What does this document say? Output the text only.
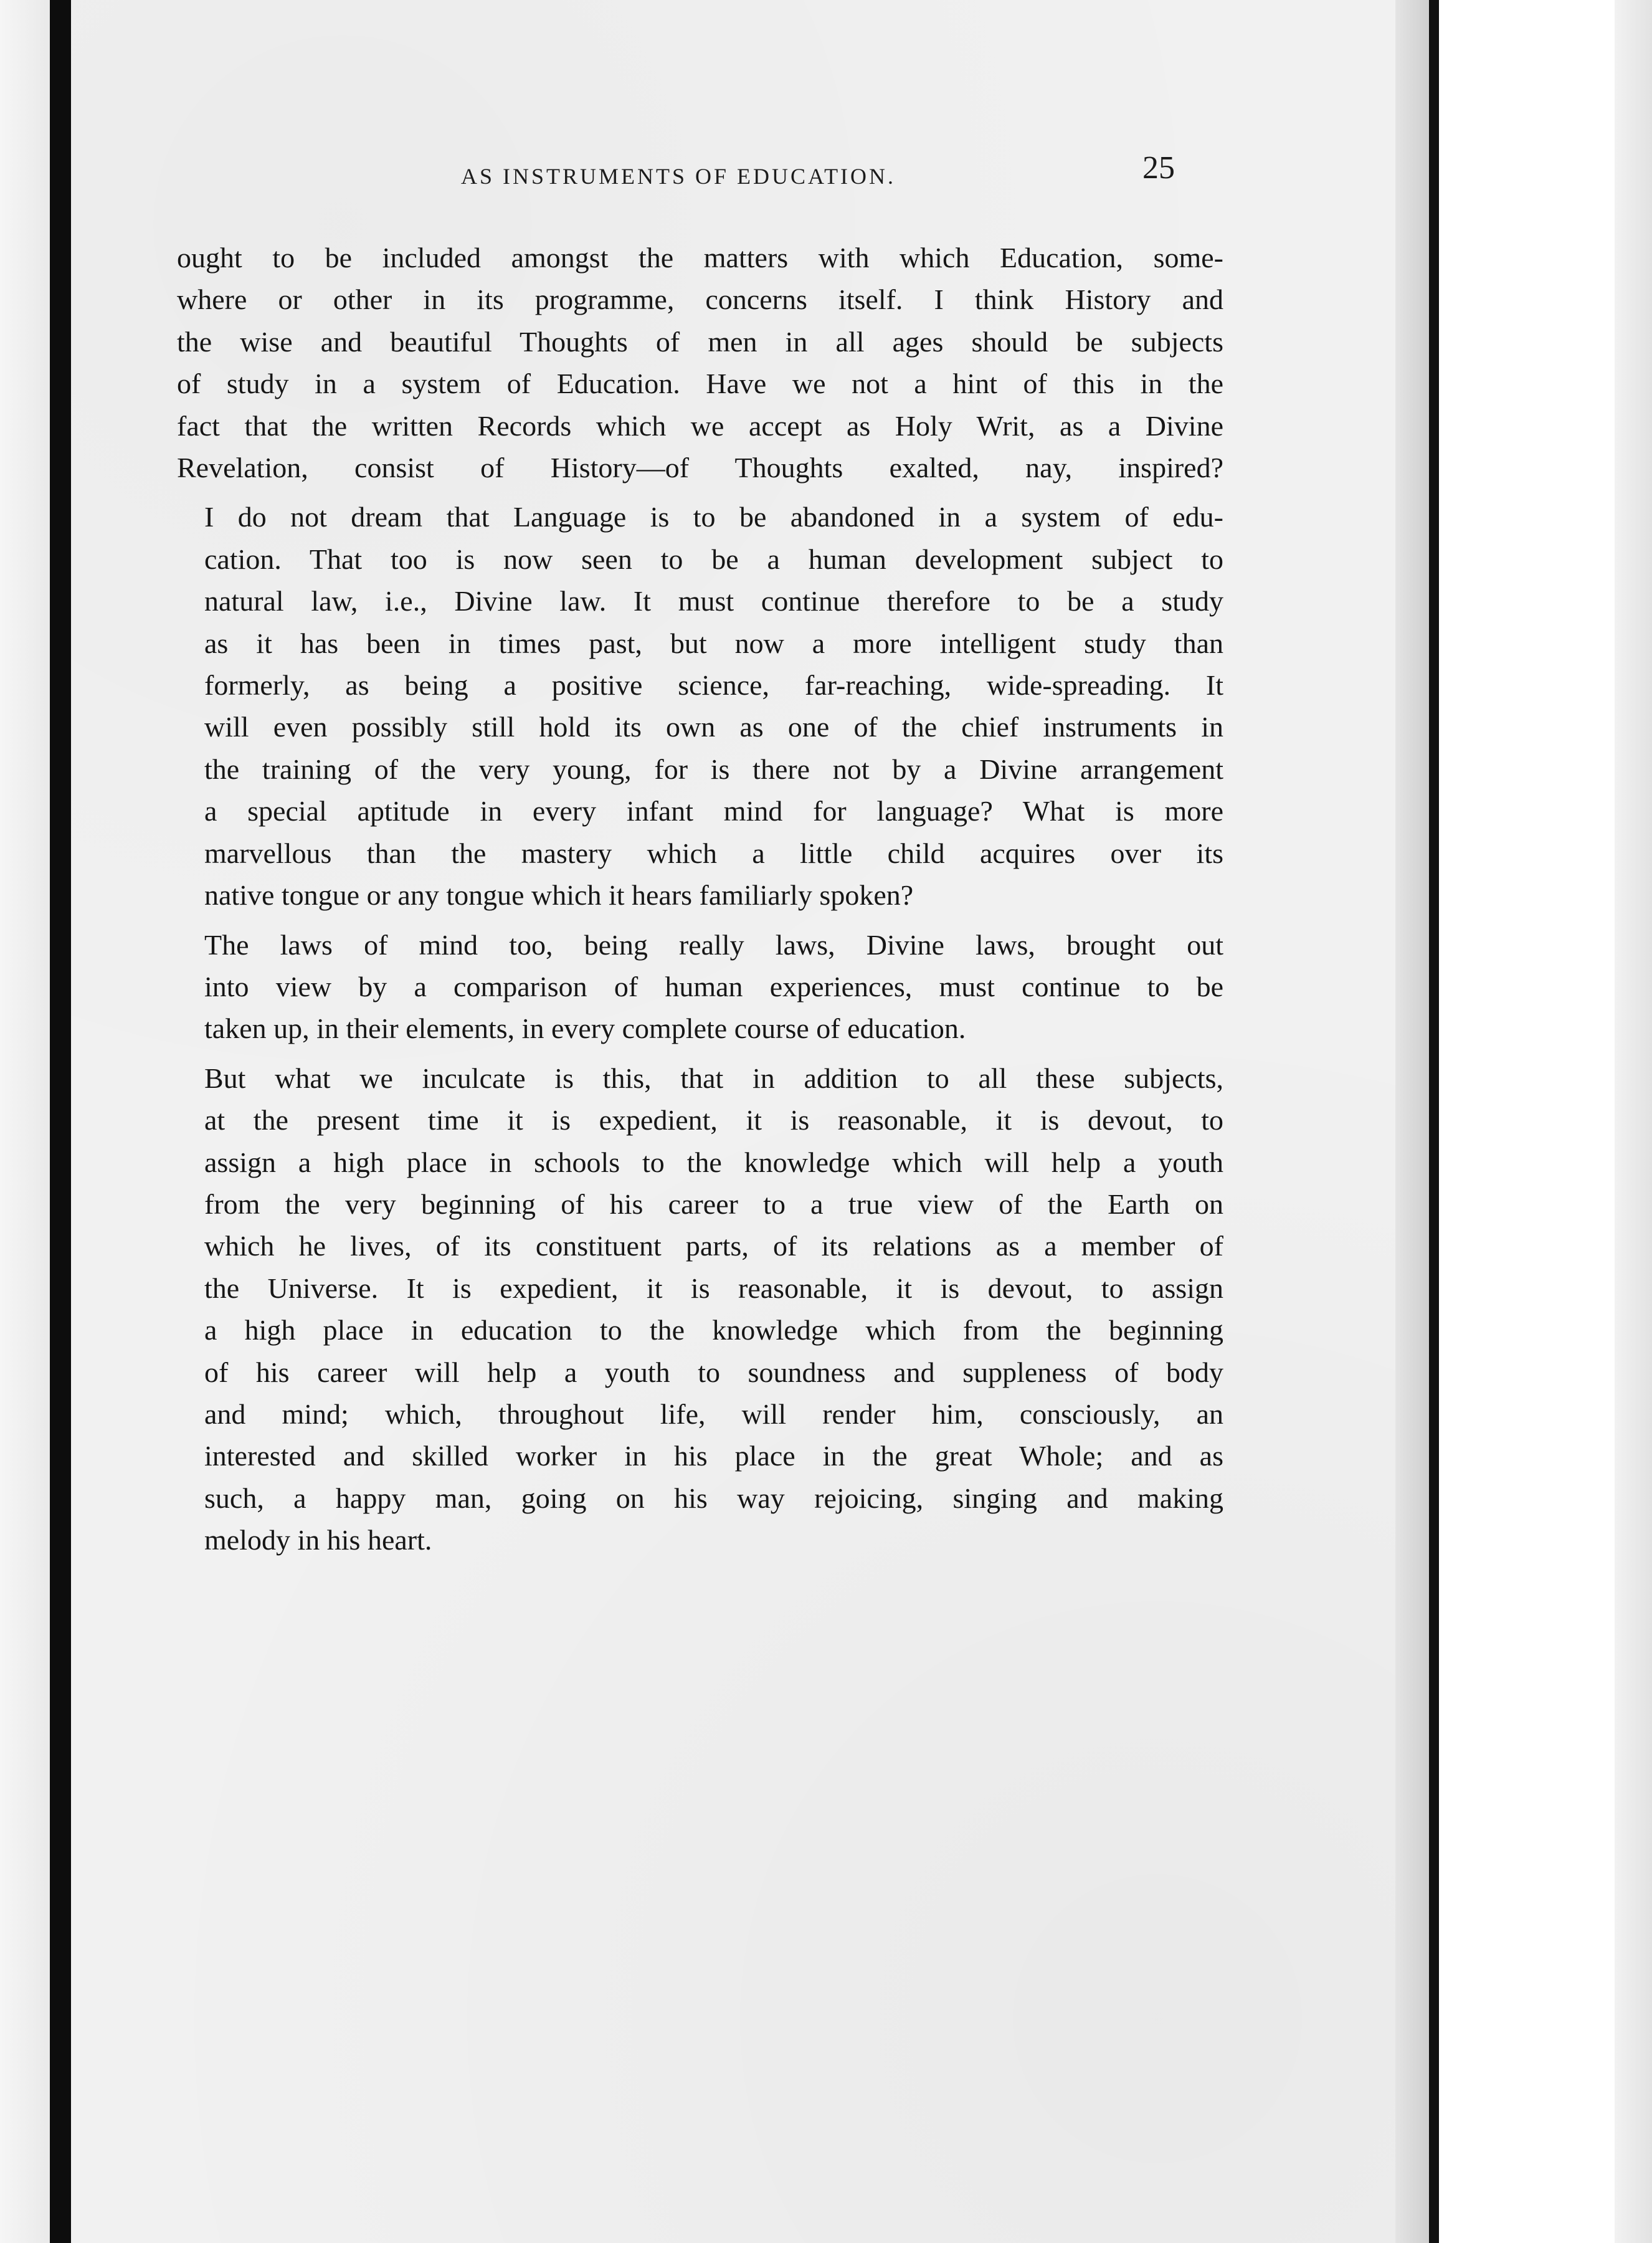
AS INSTRUMENTS OF EDUCATION.	25

ought to be included amongst the matters with which Education, some-
where or other in its programme, concerns itself. I think History and
the wise and beautiful Thoughts of men in all ages should be subjects
of study in a system of Education. Have we not a hint of this in the
fact that the written Records which we accept as Holy Writ, as a Divine
Revelation, consist of History—of Thoughts exalted, nay, inspired?

I do not dream that Language is to be abandoned in a system of edu-
cation. That too is now seen to be a human development subject to
natural law, i.e., Divine law. It must continue therefore to be a study
as it has been in times past, but now a more intelligent study than
formerly, as being a positive science, far-reaching, wide-spreading. It
will even possibly still hold its own as one of the chief instruments in
the training of the very young, for is there not by a Divine arrangement
a special aptitude in every infant mind for language? What is more
marvellous than the mastery which a little child acquires over its
native tongue or any tongue which it hears familiarly spoken?

The laws of mind too, being really laws, Divine laws, brought out
into view by a comparison of human experiences, must continue to be
taken up, in their elements, in every complete course of education.

But what we inculcate is this, that in addition to all these subjects,
at the present time it is expedient, it is reasonable, it is devout, to
assign a high place in schools to the knowledge which will help a youth
from the very beginning of his career to a true view of the Earth on
which he lives, of its constituent parts, of its relations as a member of
the Universe. It is expedient, it is reasonable, it is devout, to assign
a high place in education to the knowledge which from the beginning
of his career will help a youth to soundness and suppleness of body
and mind; which, throughout life, will render him, consciously, an
interested and skilled worker in his place in the great Whole; and as
such, a happy man, going on his way rejoicing, singing and making
melody in his heart.
